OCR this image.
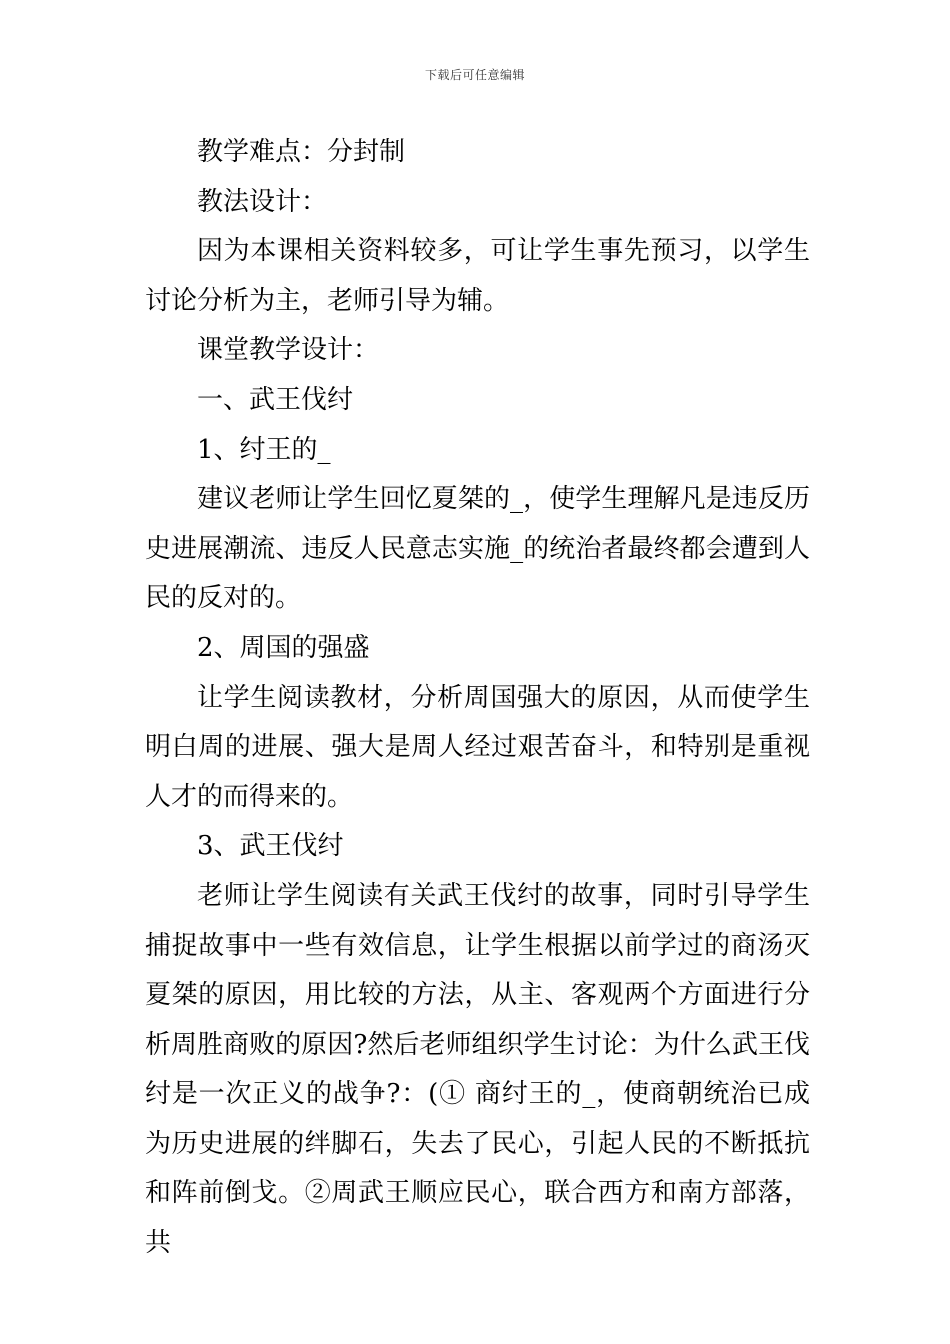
下载后可任意编辑

教学难点：分封制

教法设计：

因为本课相关资料较多，可让学生事先预习，以学生讨论分析为主，老师引导为辅。

课堂教学设计：

一、武王伐纣

1、纣王的_

建议老师让学生回忆夏桀的_，使学生理解凡是违反历史进展潮流、违反人民意志实施_的统治者最终都会遭到人民的反对的。

2、周国的强盛

让学生阅读教材，分析周国强大的原因，从而使学生明白周的进展、强大是周人经过艰苦奋斗，和特别是重视人才的而得来的。

3、武王伐纣

老师让学生阅读有关武王伐纣的故事，同时引导学生捕捉故事中一些有效信息，让学生根据以前学过的商汤灭夏桀的原因，用比较的方法，从主、客观两个方面进行分析周胜商败的原因?然后老师组织学生讨论：为什么武王伐纣是一次正义的战争?：(① 商纣王的_，使商朝统治已成为历史进展的绊脚石，失去了民心，引起人民的不断抵抗和阵前倒戈。②周武王顺应民心，联合西方和南方部落，共
